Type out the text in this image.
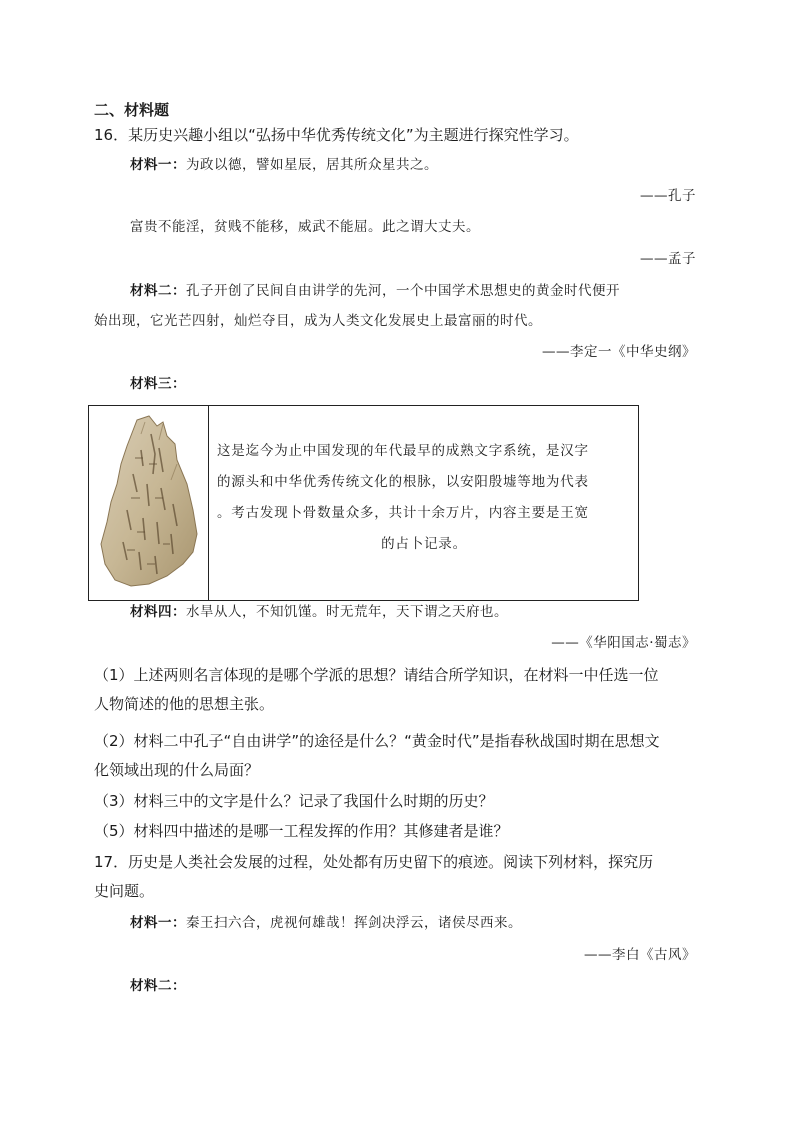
二、材料题
16．某历史兴趣小组以“弘扬中华优秀传统文化”为主题进行探究性学习。
材料一：为政以德，譬如星辰，居其所众星共之。
——孔子
富贵不能淫，贫贱不能移，威武不能屈。此之谓大丈夫。
——孟子
材料二：孔子开创了民间自由讲学的先河，一个中国学术思想史的黄金时代便开
始出现，它光芒四射，灿烂夺目，成为人类文化发展史上最富丽的时代。
——李定一《中华史纲》
材料三：

这是迄今为止中国发现的年代最早的成熟文字系统，是汉字

的源头和中华优秀传统文化的根脉，以安阳殷墟等地为代表

。考古发现卜骨数量众多，共计十余万片，内容主要是王宽

的占卜记录。

材料四：水旱从人，不知饥馑。时无荒年，天下谓之天府也。
——《华阳国志·蜀志》
（1）上述两则名言体现的是哪个学派的思想？请结合所学知识，在材料一中任选一位
人物简述的他的思想主张。
（2）材料二中孔子“自由讲学”的途径是什么？“黄金时代”是指春秋战国时期在思想文
化领域出现的什么局面？
（3）材料三中的文字是什么？记录了我国什么时期的历史？
（5）材料四中描述的是哪一工程发挥的作用？其修建者是谁？
17．历史是人类社会发展的过程，处处都有历史留下的痕迹。阅读下列材料，探究历
史问题。
材料一：秦王扫六合，虎视何雄哉！挥剑决浮云，诸侯尽西来。
——李白《古风》
材料二：
